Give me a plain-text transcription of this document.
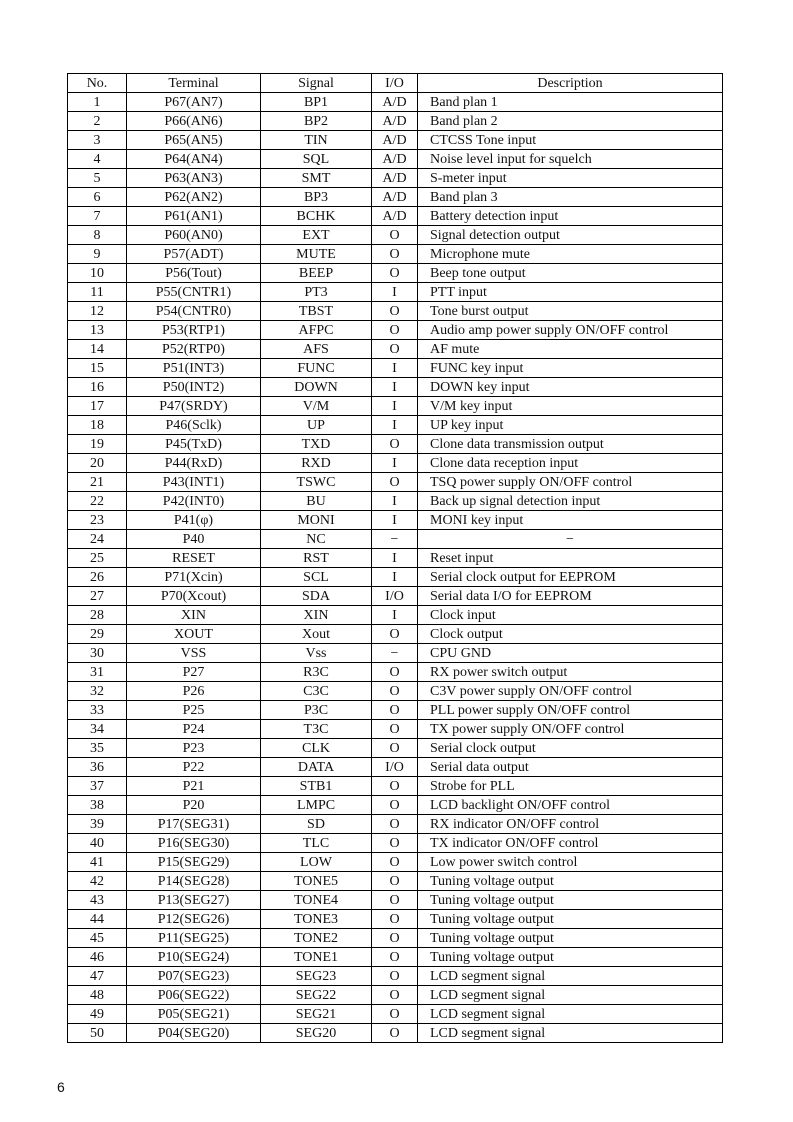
No.	Terminal	Signal	I/O	Description
1	P67(AN7)	BP1	A/D	Band plan 1
2	P66(AN6)	BP2	A/D	Band plan 2
3	P65(AN5)	TIN	A/D	CTCSS Tone input
4	P64(AN4)	SQL	A/D	Noise level input for squelch
5	P63(AN3)	SMT	A/D	S-meter input
6	P62(AN2)	BP3	A/D	Band plan 3
7	P61(AN1)	BCHK	A/D	Battery detection input
8	P60(AN0)	EXT	O	Signal detection output
9	P57(ADT)	MUTE	O	Microphone mute
10	P56(Tout)	BEEP	O	Beep tone output
11	P55(CNTR1)	PT3	I	PTT input
12	P54(CNTR0)	TBST	O	Tone burst output
13	P53(RTP1)	AFPC	O	Audio amp power supply ON/OFF control
14	P52(RTP0)	AFS	O	AF mute
15	P51(INT3)	FUNC	I	FUNC key input
16	P50(INT2)	DOWN	I	DOWN key input
17	P47(SRDY)	V/M	I	V/M key input
18	P46(Sclk)	UP	I	UP key input
19	P45(TxD)	TXD	O	Clone data transmission output
20	P44(RxD)	RXD	I	Clone data reception input
21	P43(INT1)	TSWC	O	TSQ power supply ON/OFF control
22	P42(INT0)	BU	I	Back up signal detection input
23	P41(φ)	MONI	I	MONI key input
24	P40	NC	−	−
25	RESET	RST	I	Reset input
26	P71(Xcin)	SCL	I	Serial clock output for EEPROM
27	P70(Xcout)	SDA	I/O	Serial data I/O for EEPROM
28	XIN	XIN	I	Clock input
29	XOUT	Xout	O	Clock output
30	VSS	Vss	−	CPU GND
31	P27	R3C	O	RX power switch output
32	P26	C3C	O	C3V power supply ON/OFF control
33	P25	P3C	O	PLL power supply ON/OFF control
34	P24	T3C	O	TX power supply ON/OFF control
35	P23	CLK	O	Serial clock output
36	P22	DATA	I/O	Serial data output
37	P21	STB1	O	Strobe for PLL
38	P20	LMPC	O	LCD backlight ON/OFF control
39	P17(SEG31)	SD	O	RX indicator ON/OFF control
40	P16(SEG30)	TLC	O	TX indicator ON/OFF control
41	P15(SEG29)	LOW	O	Low power switch control
42	P14(SEG28)	TONE5	O	Tuning voltage output
43	P13(SEG27)	TONE4	O	Tuning voltage output
44	P12(SEG26)	TONE3	O	Tuning voltage output
45	P11(SEG25)	TONE2	O	Tuning voltage output
46	P10(SEG24)	TONE1	O	Tuning voltage output
47	P07(SEG23)	SEG23	O	LCD segment signal
48	P06(SEG22)	SEG22	O	LCD segment signal
49	P05(SEG21)	SEG21	O	LCD segment signal
50	P04(SEG20)	SEG20	O	LCD segment signal
6
